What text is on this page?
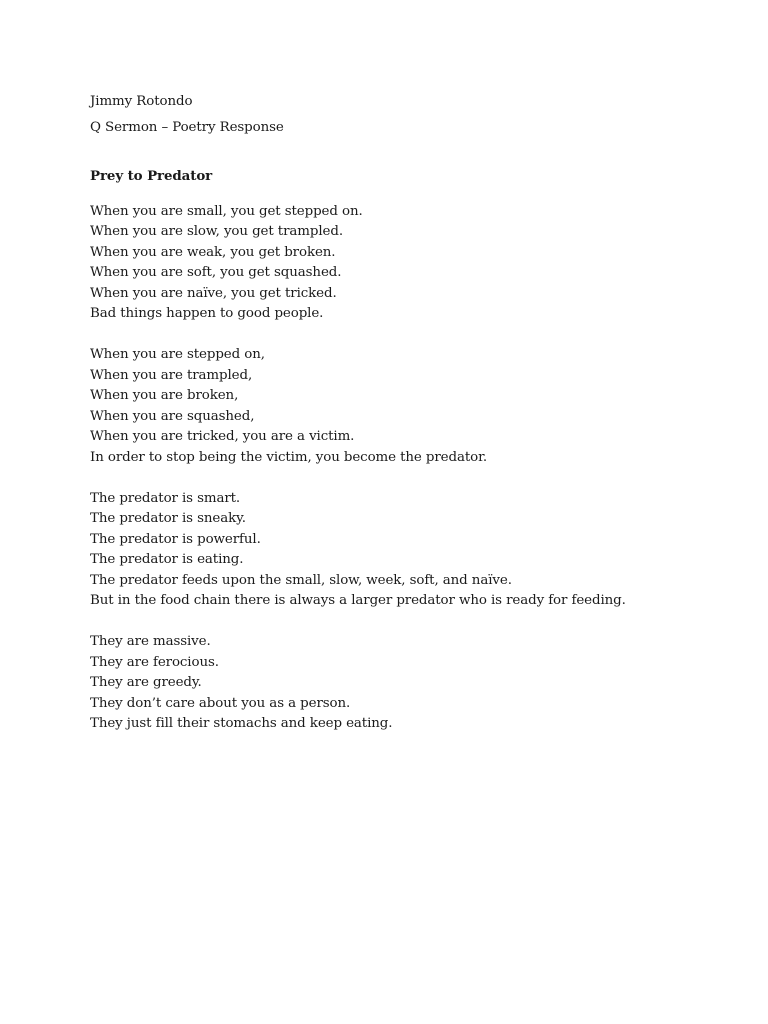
Jimmy Rotondo

Q Sermon – Poetry Response

Prey to Predator

When you are small, you get stepped on.
When you are slow, you get trampled.
When you are weak, you get broken.
When you are soft, you get squashed.
When you are naïve, you get tricked.

Bad things happen to good people.

When you are stepped on,
When you are trampled,
When you are broken,
When you are squashed,
When you are tricked, you are a victim.

In order to stop being the victim, you become the predator.

The predator is smart.
The predator is sneaky.
The predator is powerful.
The predator is eating.
The predator feeds upon the small, slow, week, soft, and naïve.

But in the food chain there is always a larger predator who is ready for feeding.

They are massive.
They are ferocious.
They are greedy.
They don’t care about you as a person.
They just fill their stomachs and keep eating.
